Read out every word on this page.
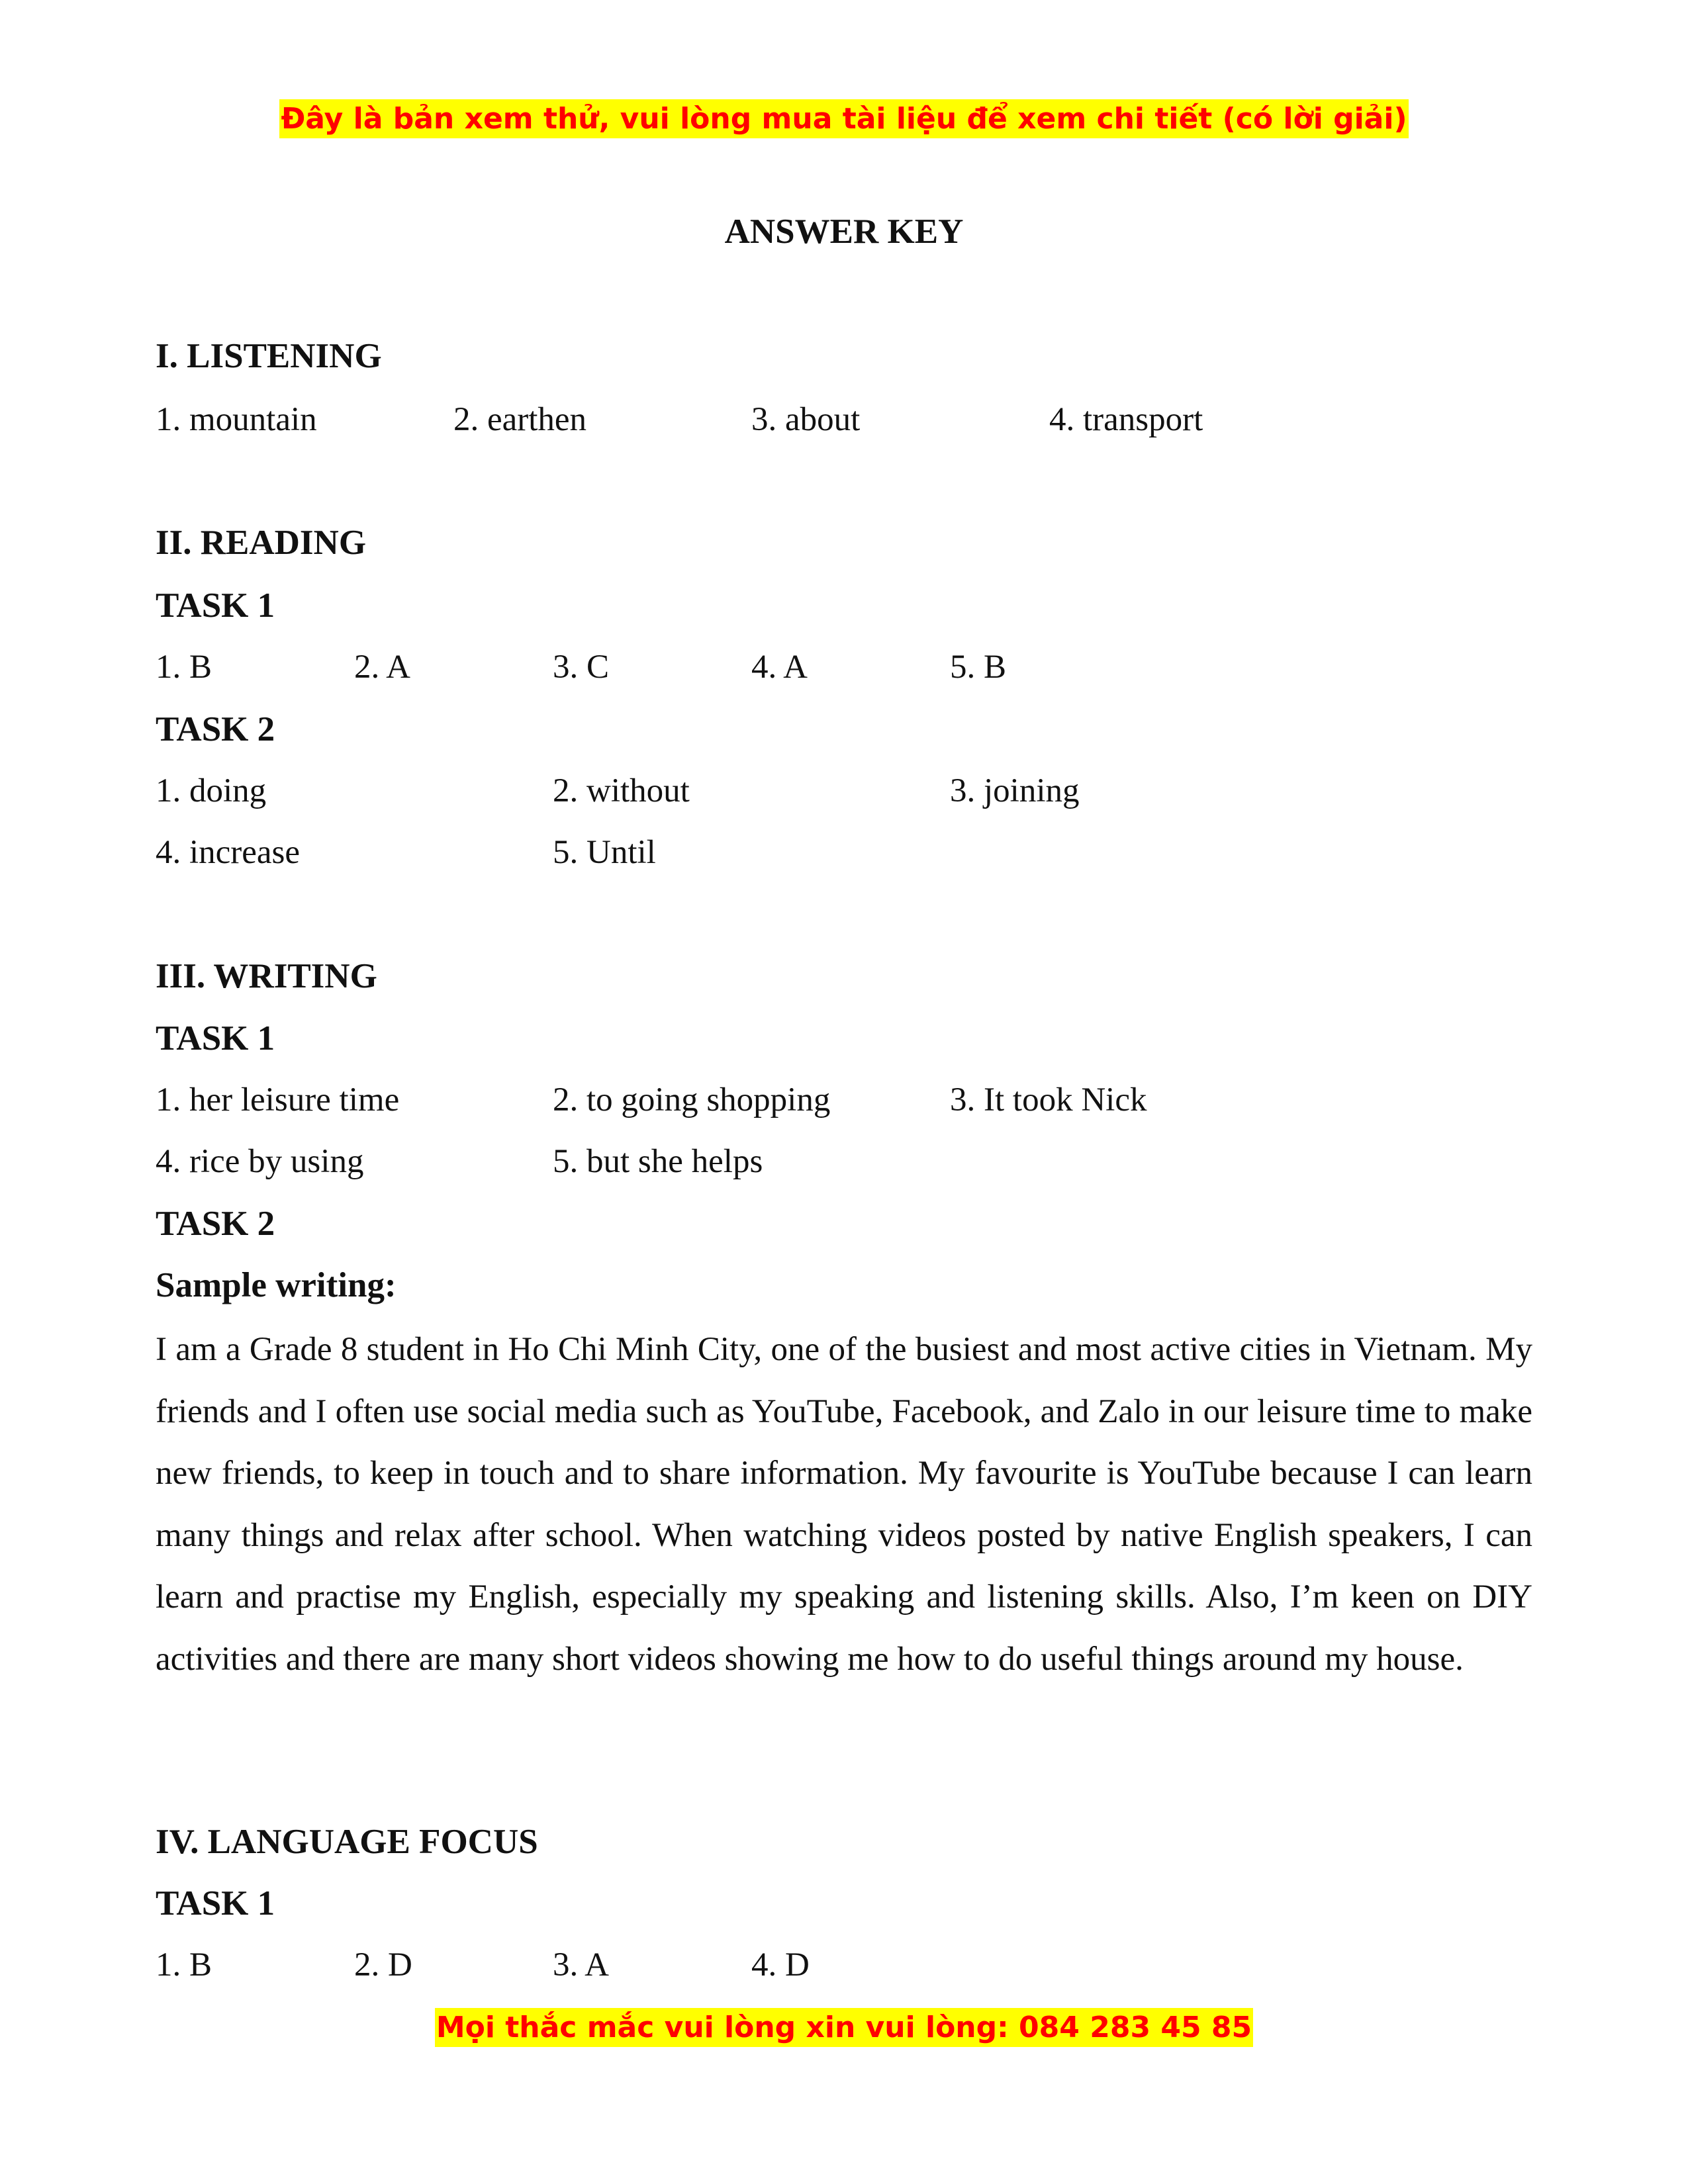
Đây là bản xem thử, vui lòng mua tài liệu để xem chi tiết (có lời giải)
ANSWER KEY
I. LISTENING
1. mountain	2. earthen	3. about	4. transport
II. READING
TASK 1
1. B	2. A	3. C	4. A	5. B
TASK 2
1. doing	2. without	3. joining
4. increase	5. Until
III. WRITING
TASK 1
1. her leisure time	2. to going shopping	3. It took Nick
4. rice by using	5. but she helps
TASK 2
Sample writing:
I am a Grade 8 student in Ho Chi Minh City, one of the busiest and most active cities in Vietnam. My friends and I often use social media such as YouTube, Facebook, and Zalo in our leisure time to make new friends, to keep in touch and to share information. My favourite is YouTube because I can learn many things and relax after school. When watching videos posted by native English speakers, I can learn and practise my English, especially my speaking and listening skills. Also, I’m keen on DIY activities and there are many short videos showing me how to do useful things around my house.
IV. LANGUAGE FOCUS
TASK 1
1. B	2. D	3. A	4. D
Mọi thắc mắc vui lòng xin vui lòng: 084 283 45 85
